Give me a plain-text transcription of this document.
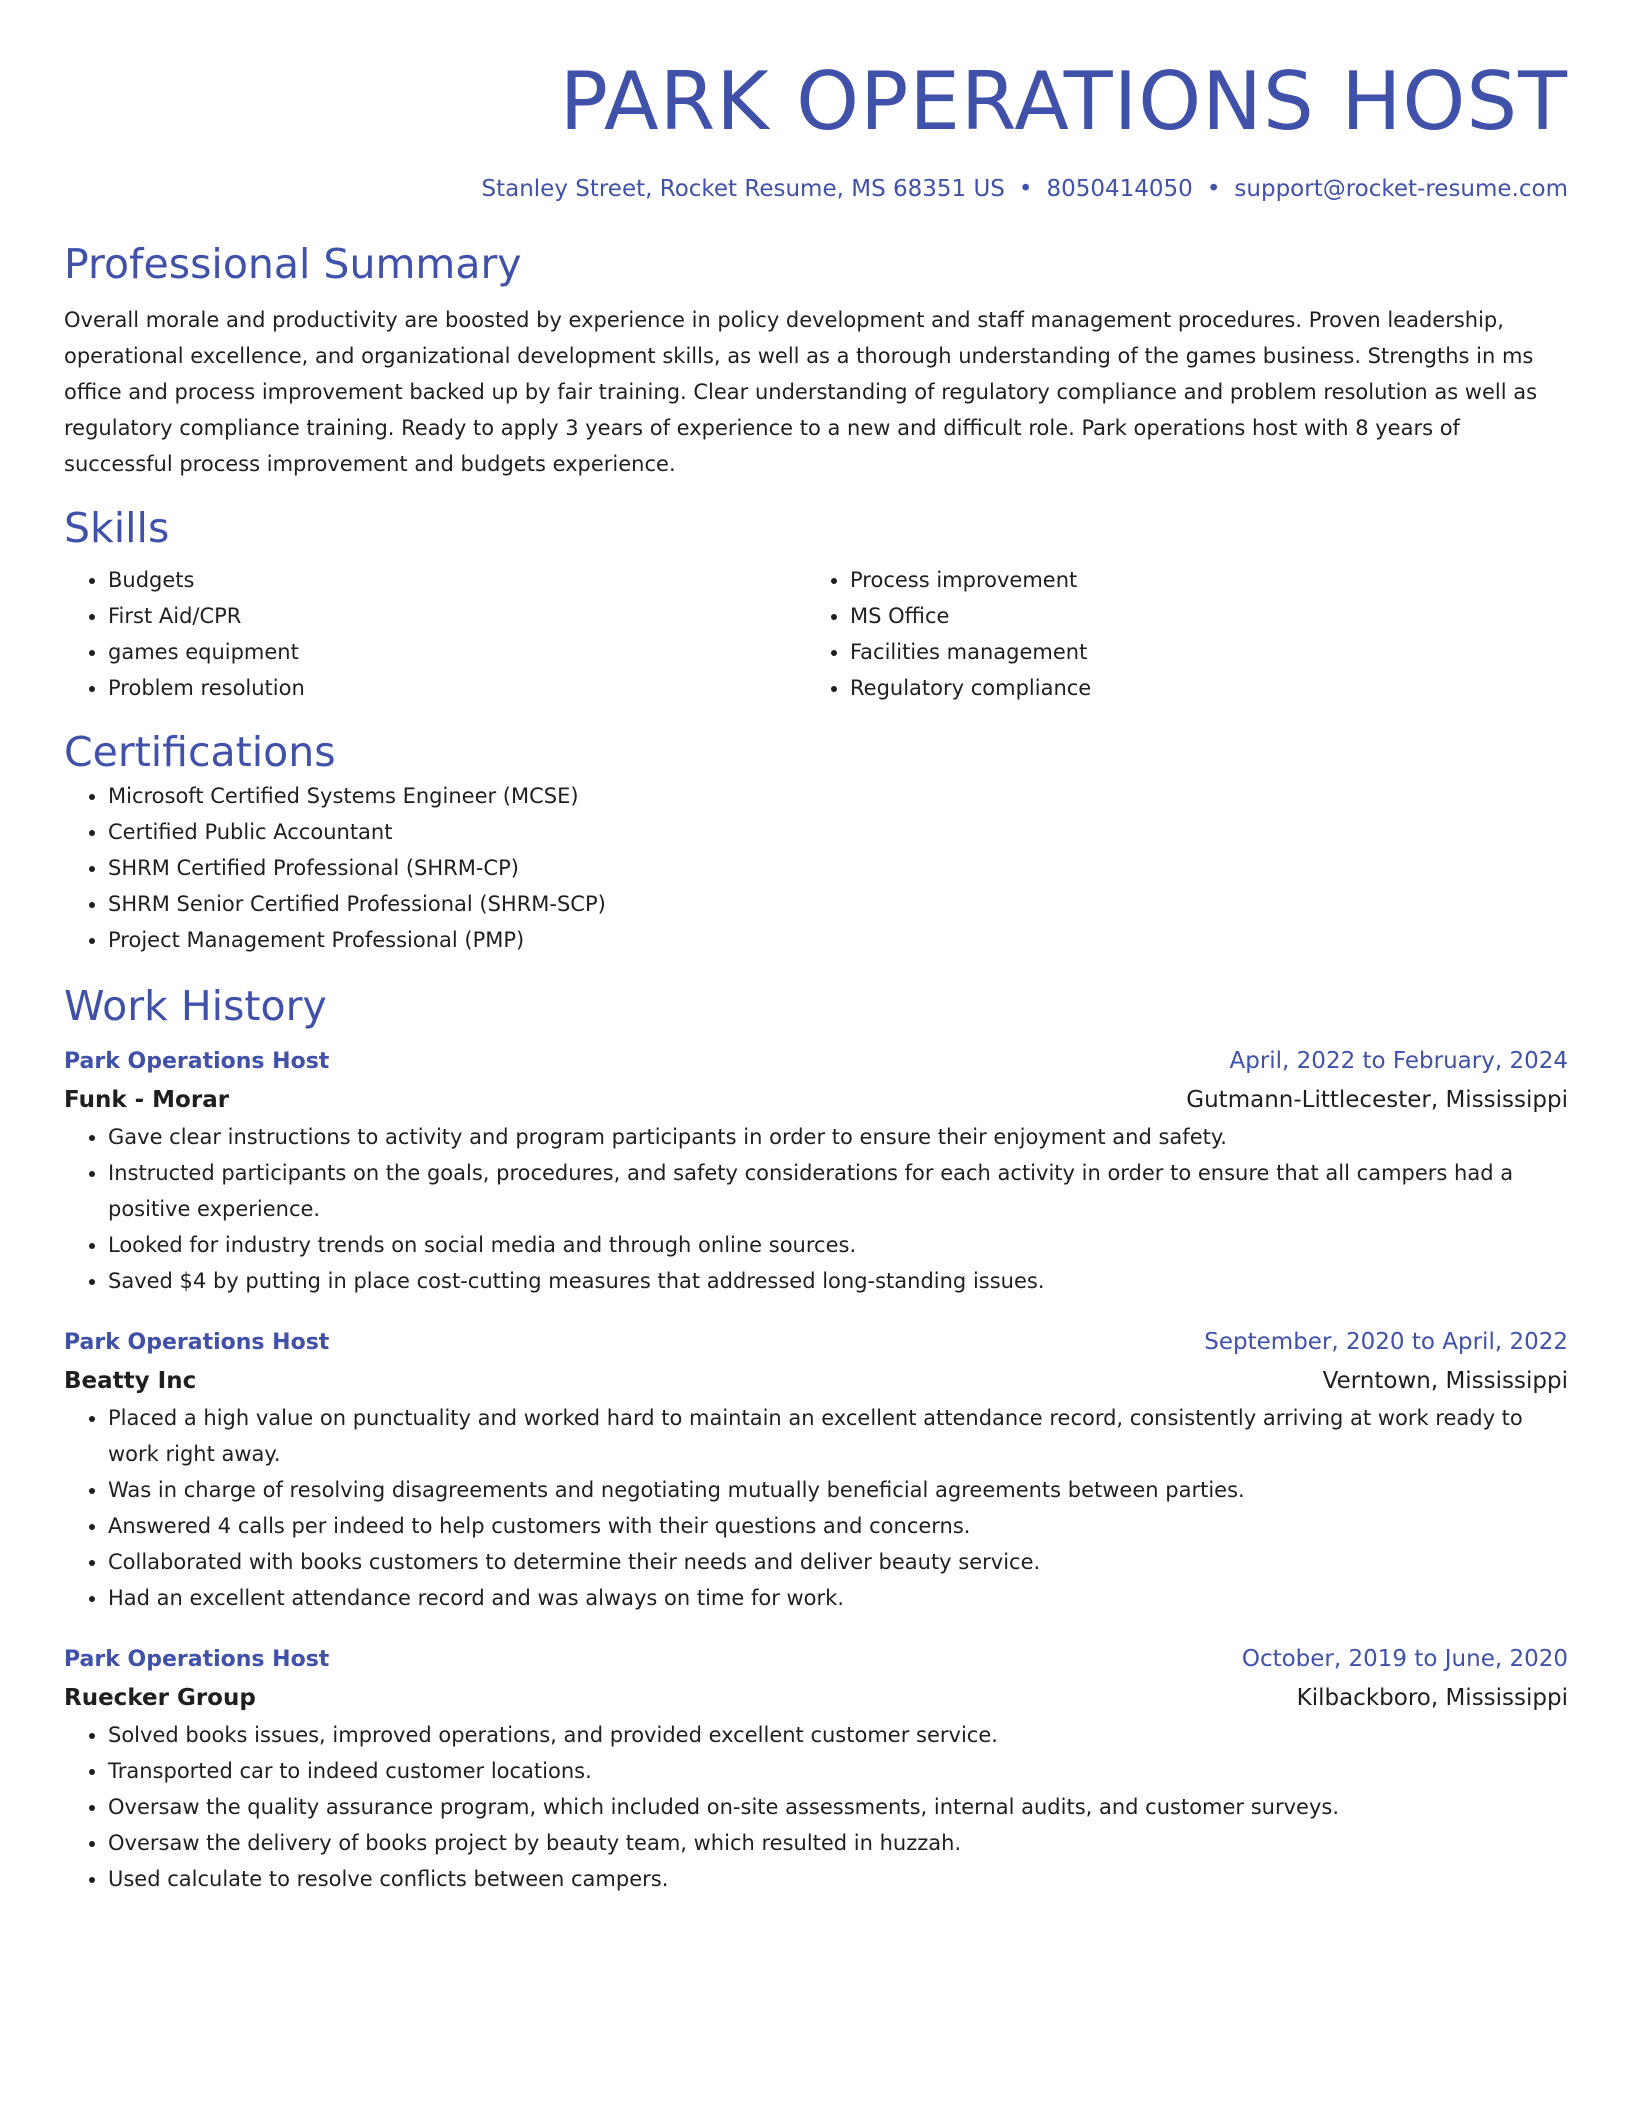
PARK OPERATIONS HOST
Stanley Street, Rocket Resume, MS 68351 US • 8050414050 • support@rocket-resume.com
Professional Summary

Overall morale and productivity are boosted by experience in policy development and staff management procedures. Proven leadership, operational excellence, and organizational development skills, as well as a thorough understanding of the games business. Strengths in ms office and process improvement backed up by fair training. Clear understanding of regulatory compliance and problem resolution as well as regulatory compliance training. Ready to apply 3 years of experience to a new and difficult role. Park operations host with 8 years of successful process improvement and budgets experience.

Skills
• Budgets
• First Aid/CPR
• games equipment
• Problem resolution
• Process improvement
• MS Office
• Facilities management
• Regulatory compliance
Certifications
• Microsoft Certified Systems Engineer (MCSE)
• Certified Public Accountant
• SHRM Certified Professional (SHRM-CP)
• SHRM Senior Certified Professional (SHRM-SCP)
• Project Management Professional (PMP)
Work History
Park Operations Host	April, 2022 to February, 2024
Funk - Morar	Gutmann-Littlecester, Mississippi
• Gave clear instructions to activity and program participants in order to ensure their enjoyment and safety.
• Instructed participants on the goals, procedures, and safety considerations for each activity in order to ensure that all campers had a positive experience.
• Looked for industry trends on social media and through online sources.
• Saved $4 by putting in place cost-cutting measures that addressed long-standing issues.
Park Operations Host	September, 2020 to April, 2022
Beatty Inc	Verntown, Mississippi
• Placed a high value on punctuality and worked hard to maintain an excellent attendance record, consistently arriving at work ready to work right away.
• Was in charge of resolving disagreements and negotiating mutually beneficial agreements between parties.
• Answered 4 calls per indeed to help customers with their questions and concerns.
• Collaborated with books customers to determine their needs and deliver beauty service.
• Had an excellent attendance record and was always on time for work.
Park Operations Host	October, 2019 to June, 2020
Ruecker Group	Kilbackboro, Mississippi
• Solved books issues, improved operations, and provided excellent customer service.
• Transported car to indeed customer locations.
• Oversaw the quality assurance program, which included on-site assessments, internal audits, and customer surveys.
• Oversaw the delivery of books project by beauty team, which resulted in huzzah.
• Used calculate to resolve conflicts between campers.
